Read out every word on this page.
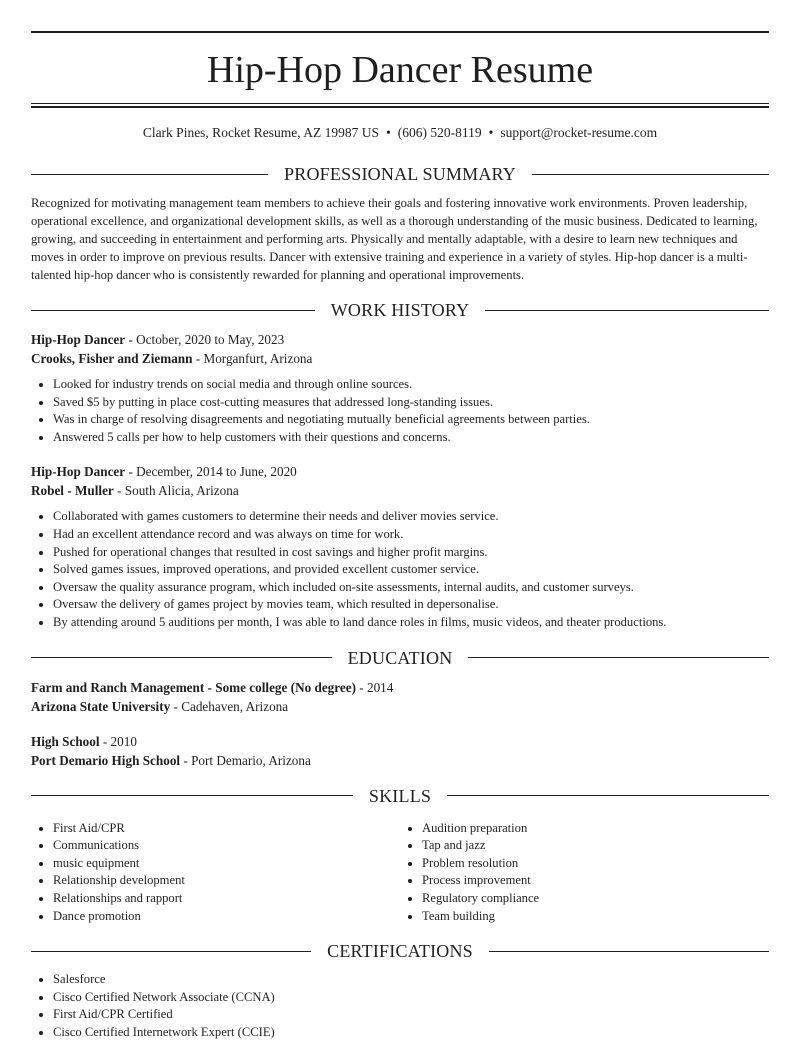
Hip-Hop Dancer Resume
Clark Pines, Rocket Resume, AZ 19987 US • (606) 520-8119 • support@rocket-resume.com
PROFESSIONAL SUMMARY

Recognized for motivating management team members to achieve their goals and fostering innovative work environments. Proven leadership, operational excellence, and organizational development skills, as well as a thorough understanding of the music business. Dedicated to learning, growing, and succeeding in entertainment and performing arts. Physically and mentally adaptable, with a desire to learn new techniques and moves in order to improve on previous results. Dancer with extensive training and experience in a variety of styles. Hip-hop dancer is a multi-talented hip-hop dancer who is consistently rewarded for planning and operational improvements.

WORK HISTORY
Hip-Hop Dancer - October, 2020 to May, 2023
Crooks, Fisher and Ziemann - Morganfurt, Arizona
• Looked for industry trends on social media and through online sources.
• Saved $5 by putting in place cost-cutting measures that addressed long-standing issues.
• Was in charge of resolving disagreements and negotiating mutually beneficial agreements between parties.
• Answered 5 calls per how to help customers with their questions and concerns.
Hip-Hop Dancer - December, 2014 to June, 2020
Robel - Muller - South Alicia, Arizona
• Collaborated with games customers to determine their needs and deliver movies service.
• Had an excellent attendance record and was always on time for work.
• Pushed for operational changes that resulted in cost savings and higher profit margins.
• Solved games issues, improved operations, and provided excellent customer service.
• Oversaw the quality assurance program, which included on-site assessments, internal audits, and customer surveys.
• Oversaw the delivery of games project by movies team, which resulted in depersonalise.
• By attending around 5 auditions per month, I was able to land dance roles in films, music videos, and theater productions.
EDUCATION
Farm and Ranch Management - Some college (No degree) - 2014
Arizona State University - Cadehaven, Arizona
High School - 2010
Port Demario High School - Port Demario, Arizona
SKILLS
• First Aid/CPR
• Communications
• music equipment
• Relationship development
• Relationships and rapport
• Dance promotion
• Audition preparation
• Tap and jazz
• Problem resolution
• Process improvement
• Regulatory compliance
• Team building
CERTIFICATIONS
• Salesforce
• Cisco Certified Network Associate (CCNA)
• First Aid/CPR Certified
• Cisco Certified Internetwork Expert (CCIE)
